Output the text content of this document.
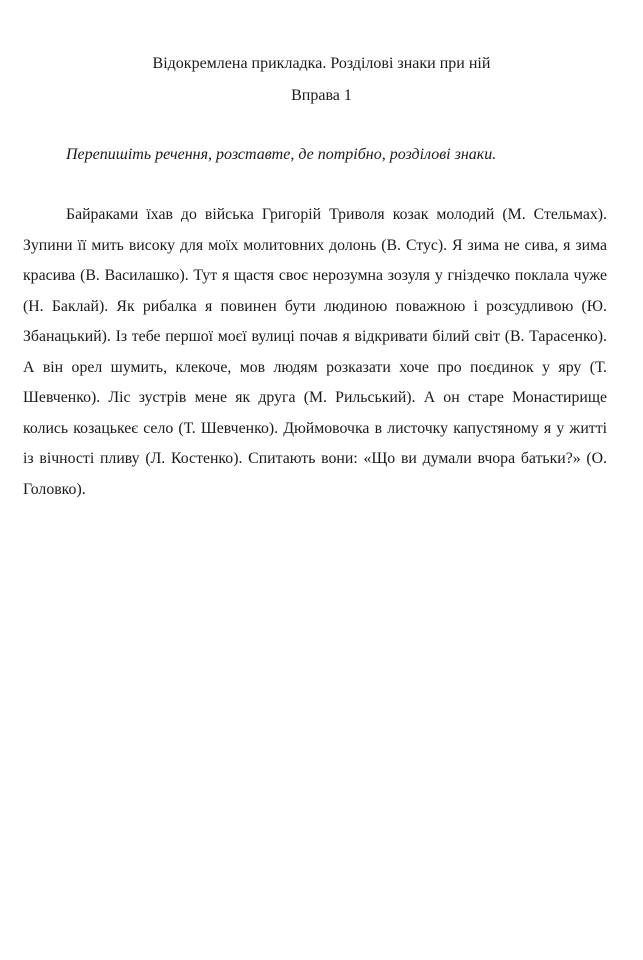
Відокремлена прикладка. Розділові знаки при ній
Вправа 1

Перепишіть речення, розставте, де потрібно, розділові знаки.

Байраками їхав до війська Григорій Триволя козак молодий (М. Стельмах). Зупини її мить високу для моїх молитовних долонь (В. Стус). Я зима не сива, я зима красива (В. Василашко). Тут я щастя своє нерозумна зозуля у гніздечко поклала чуже (Н. Баклай). Як рибалка я повинен бути людиною поважною і розсудливою (Ю. Збанацький). Із тебе першої моєї вулиці почав я відкривати білий світ (В. Тарасенко). А він орел шумить, клекоче, мов людям розказати хоче про поєдинок у яру (Т. Шевченко). Ліс зустрів мене як друга (М. Рильський). А он старе Монастирище колись козацькеє село (Т. Шевченко). Дюймовочка в листочку капустяному я у житті із вічності пливу (Л. Костенко). Спитають вони: «Що ви думали вчора батьки?» (О. Головко).
